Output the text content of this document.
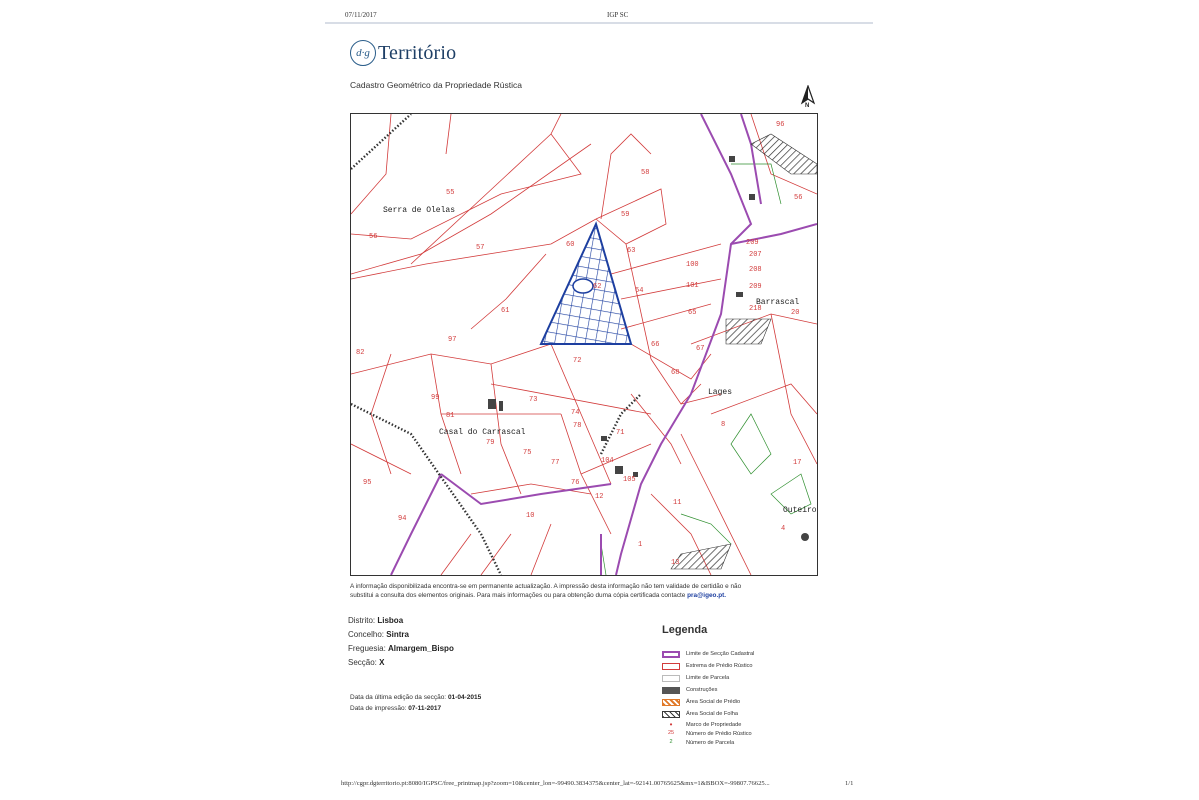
07/11/2017	IGP SC
d·g Território
Cadastro Geométrico da Propriedade Rústica
N
55
56
57
58
59
60
61
62
63
64
65
66	67
68
72
73
74
75
76
77
78
79
81
82
94
95
96
97
99
100
101
104
105
207
208
209
218	20
17
13
12
11
10
8
4
1
71
56
209
Serra de Olelas
Casal do Carrascal
Barrascal
Lages
Outeiro
A informação disponibilizada encontra-se em permanente actualização. A impressão desta informação não tem validade de certidão e não
substitui a consulta dos elementos originais. Para mais informações ou para obtenção duma cópia certificada contacte pra@igeo.pt.
Distrito: Lisboa
Concelho: Sintra
Freguesia: Almargem_Bispo
Secção: X
Data da última edição da secção: 01-04-2015
Data de impressão: 07-11-2017
Legenda
Limite de Secção Cadastral
Estrema de Prédio Rústico
Limite de Parcela
Construções
Área Social de Prédio
Área Social de Folha
•	Marco de Propriedade
25	Número de Prédio Rústico
2	Número de Parcela
http://cgpr.dgterritorio.pt:8080/IGPSC/free_printmap.jsp?zoom=10&center_lon=-99490.3834375&center_lat=-92141.00765625&mx=1&BBOX=-99807.76625...	1/1
